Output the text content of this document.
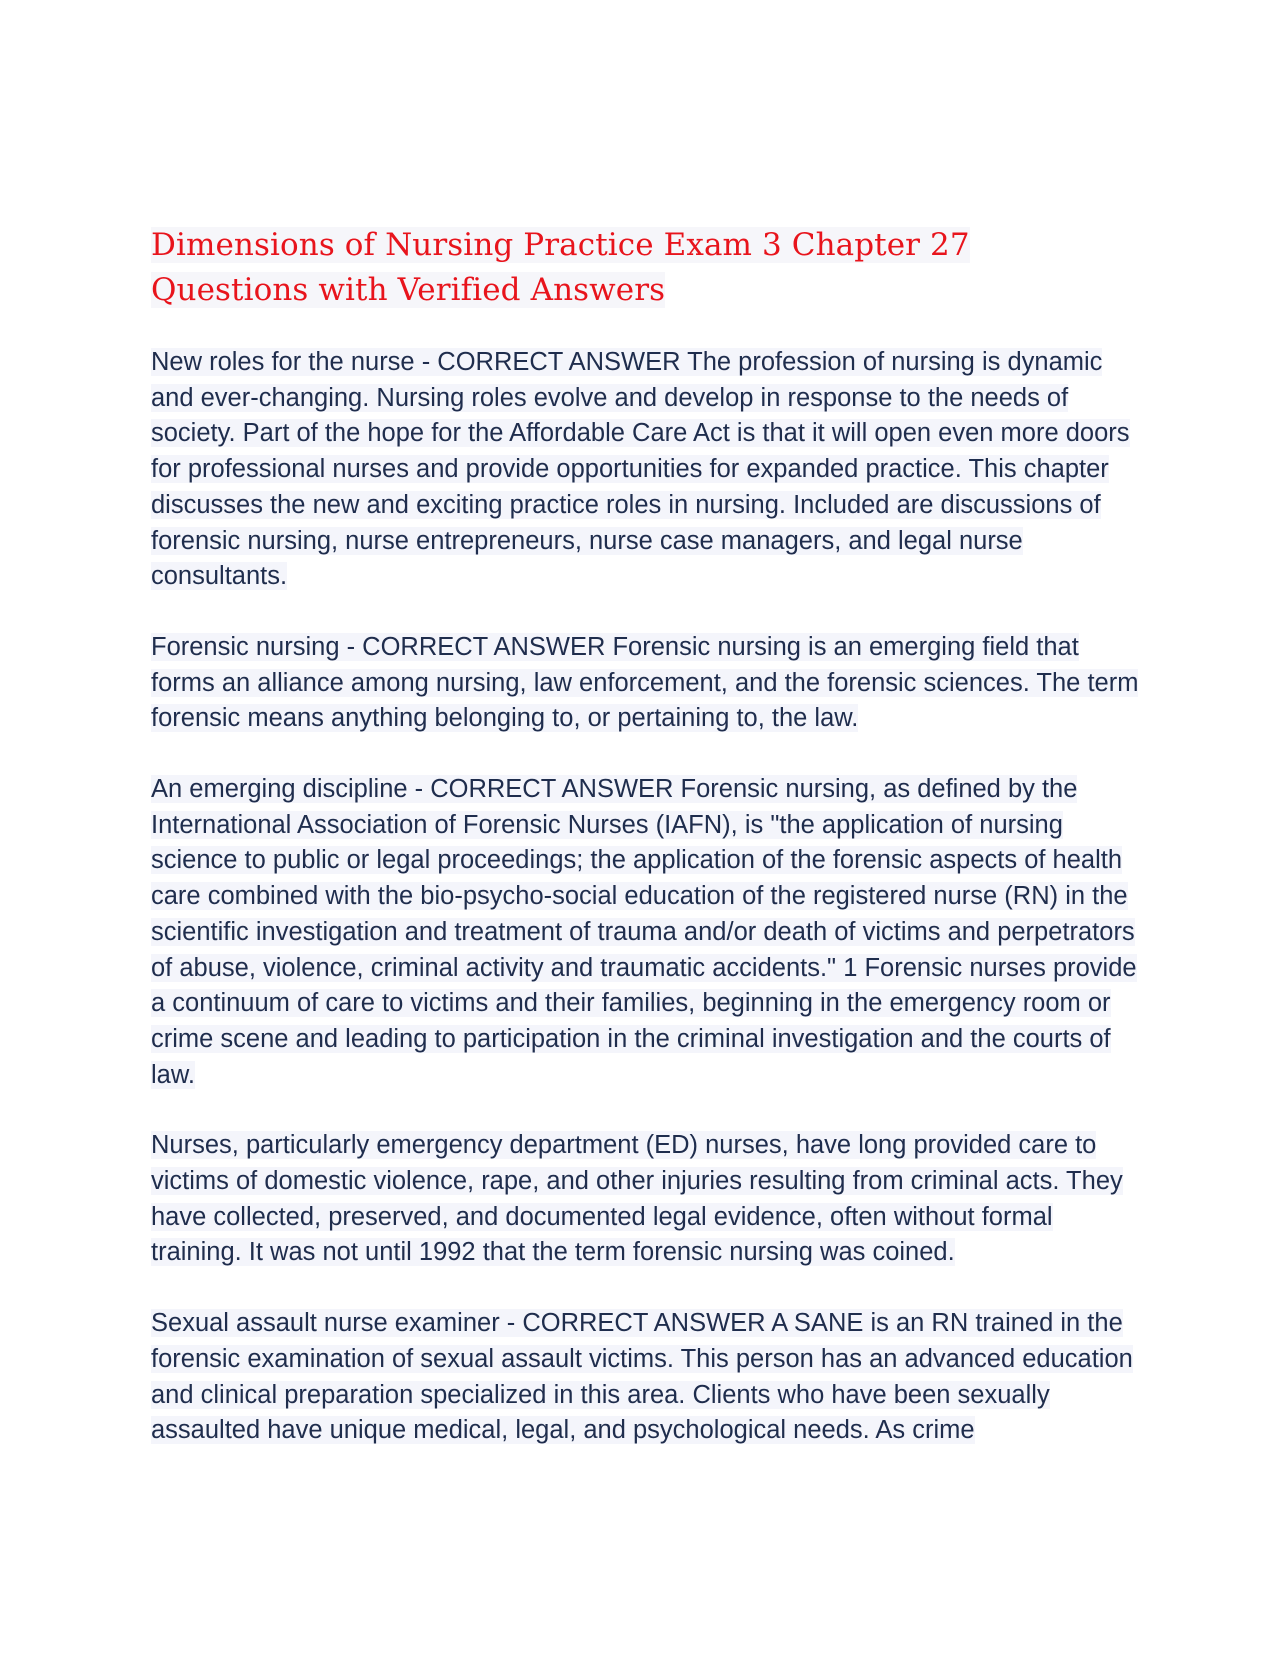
Dimensions of Nursing Practice Exam 3 Chapter 27
Questions with Verified Answers

New roles for the nurse - CORRECT ANSWER The profession of nursing is dynamic and ever-changing. Nursing roles evolve and develop in response to the needs of society. Part of the hope for the Affordable Care Act is that it will open even more doors for professional nurses and provide opportunities for expanded practice. This chapter discusses the new and exciting practice roles in nursing. Included are discussions of forensic nursing, nurse entrepreneurs, nurse case managers, and legal nurse consultants.

Forensic nursing - CORRECT ANSWER Forensic nursing is an emerging field that forms an alliance among nursing, law enforcement, and the forensic sciences. The term forensic means anything belonging to, or pertaining to, the law.

An emerging discipline - CORRECT ANSWER Forensic nursing, as defined by the International Association of Forensic Nurses (IAFN), is "the application of nursing science to public or legal proceedings; the application of the forensic aspects of health care combined with the bio-psycho-social education of the registered nurse (RN) in the scientific investigation and treatment of trauma and/or death of victims and perpetrators of abuse, violence, criminal activity and traumatic accidents." 1 Forensic nurses provide a continuum of care to victims and their families, beginning in the emergency room or crime scene and leading to participation in the criminal investigation and the courts of law.

Nurses, particularly emergency department (ED) nurses, have long provided care to victims of domestic violence, rape, and other injuries resulting from criminal acts. They have collected, preserved, and documented legal evidence, often without formal training. It was not until 1992 that the term forensic nursing was coined.

Sexual assault nurse examiner - CORRECT ANSWER A SANE is an RN trained in the forensic examination of sexual assault victims. This person has an advanced education and clinical preparation specialized in this area. Clients who have been sexually assaulted have unique medical, legal, and psychological needs. As crime
